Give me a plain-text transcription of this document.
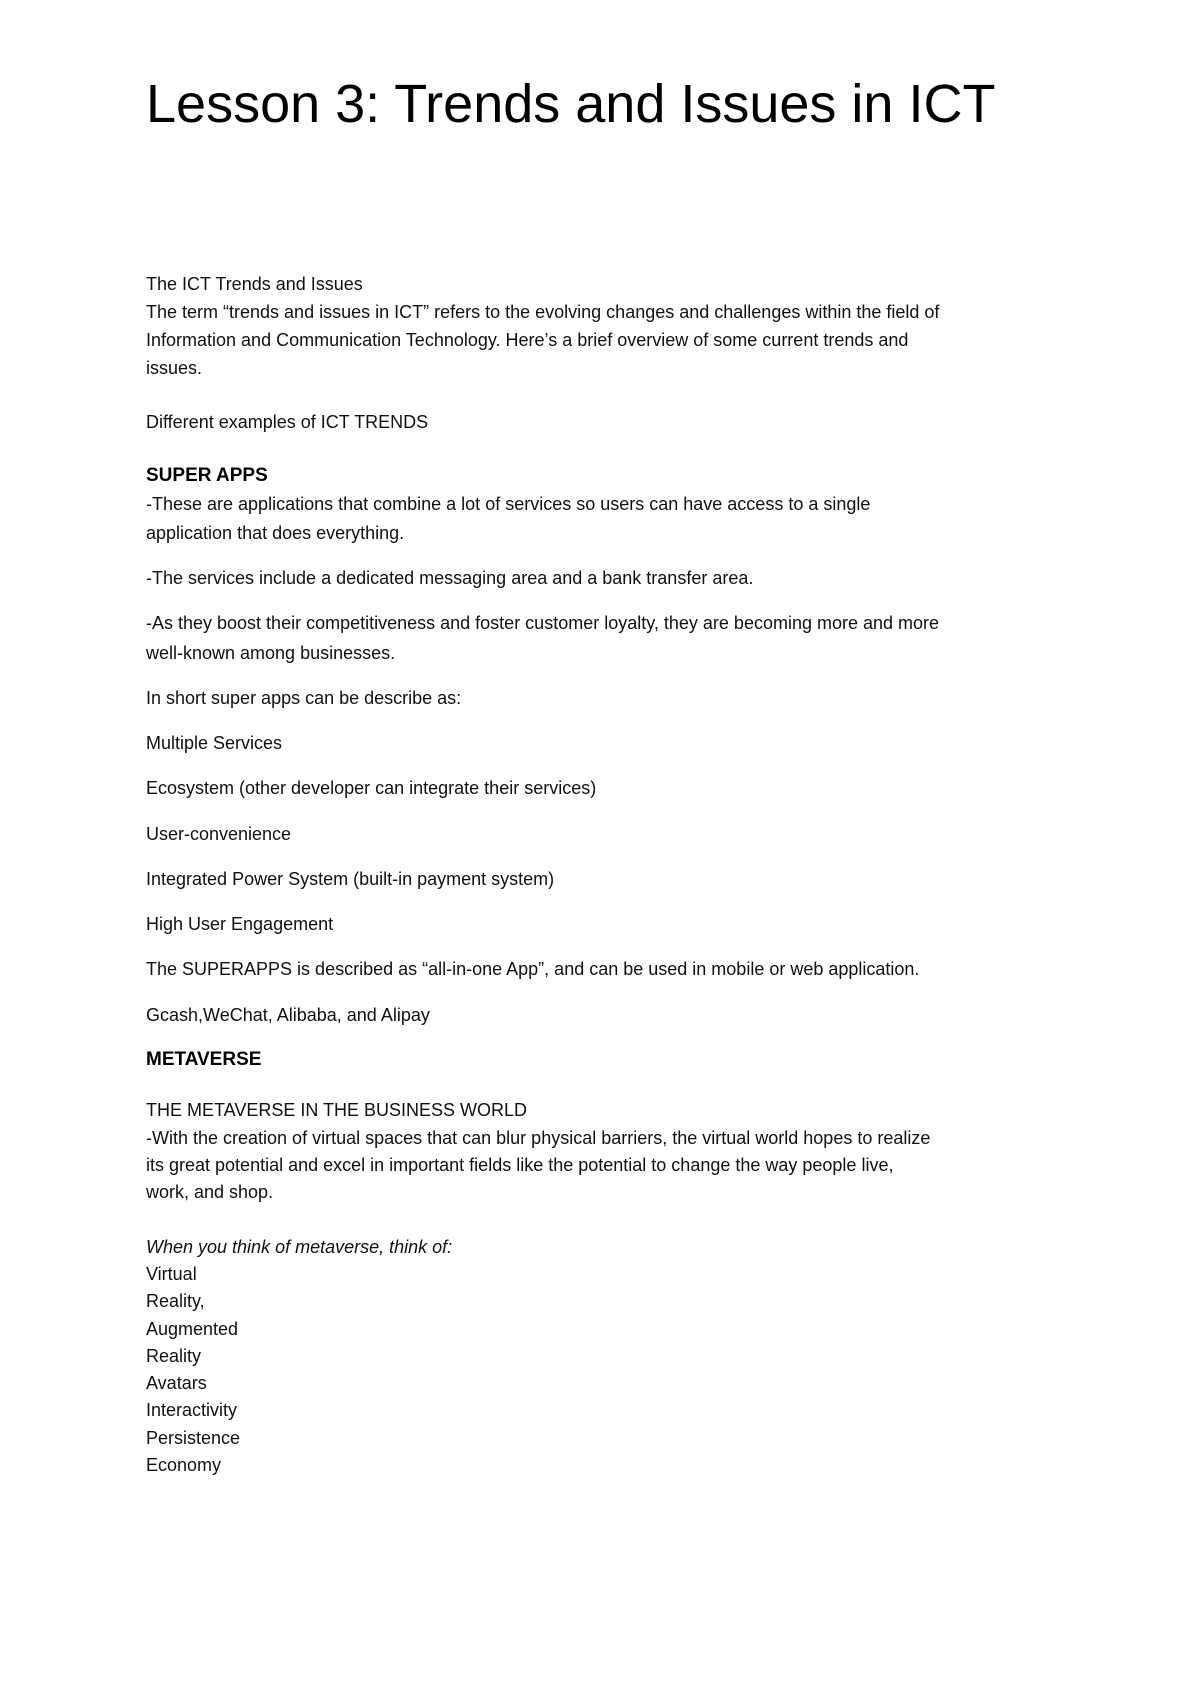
Lesson 3: Trends and Issues in ICT

The ICT Trends and Issues

The term “trends and issues in ICT” refers to the evolving changes and challenges within the field of

Information and Communication Technology. Here’s a brief overview of some current trends and

issues.

Different examples of ICT TRENDS

SUPER APPS

-These are applications that combine a lot of services so users can have access to a single

application that does everything.

-The services include a dedicated messaging area and a bank transfer area.

-As they boost their competitiveness and foster customer loyalty, they are becoming more and more

well-known among businesses.

In short super apps can be describe as:

Multiple Services

Ecosystem (other developer can integrate their services)

User-convenience

Integrated Power System (built-in payment system)

High User Engagement

The SUPERAPPS is described as “all-in-one App”, and can be used in mobile or web application.

Gcash,WeChat, Alibaba, and Alipay

METAVERSE

THE METAVERSE IN THE BUSINESS WORLD

-With the creation of virtual spaces that can blur physical barriers, the virtual world hopes to realize

its great potential and excel in important fields like the potential to change the way people live,

work, and shop.

When you think of metaverse, think of:

Virtual
Reality,
Augmented
Reality
Avatars
Interactivity
Persistence
Economy
